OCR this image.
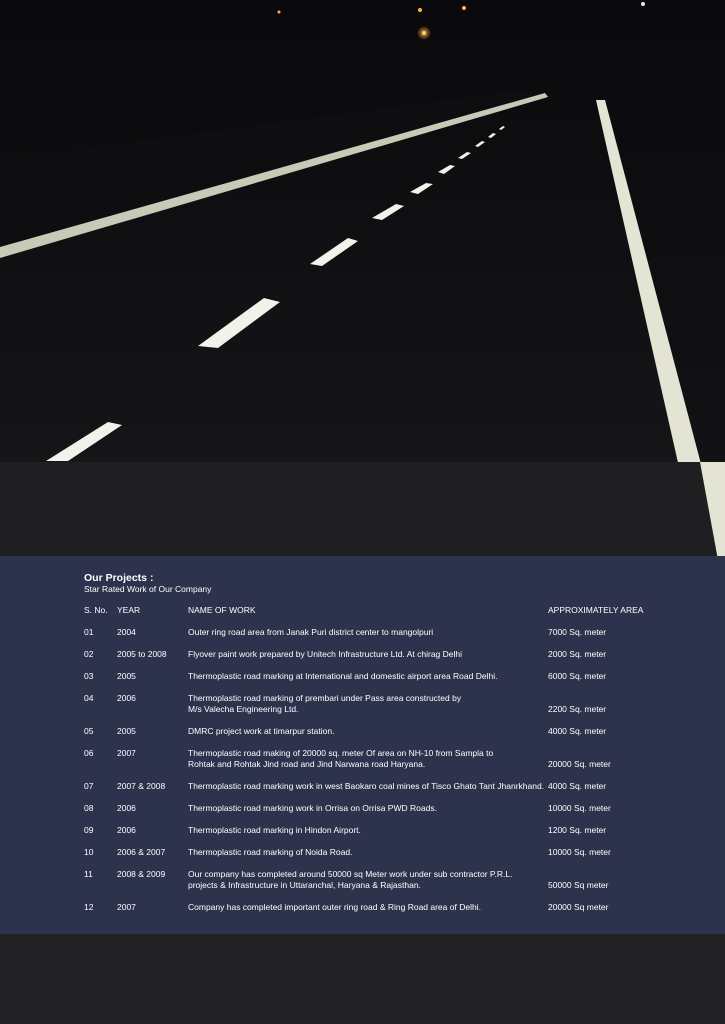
Our Projects :

Star Rated Work of Our Company

S. No.	YEAR	NAME OF WORK	APPROXIMATELY AREA
01	2004	Outer ring road area from Janak Puri district center to mangolpuri	7000 Sq. meter
02	2005 to 2008	Flyover paint work prepared by Unitech Infrastructure Ltd. At chirag Delhi	2000 Sq. meter
03	2005	Thermoplastic road marking at International and domestic airport area Road Delhi.	6000 Sq. meter
04	2006	Thermoplastic road marking of prembari under Pass area constructed by
M/s Valecha Engineering Ltd.	2200 Sq. meter
05	2005	DMRC project work at timarpur station.	4000 Sq. meter
06	2007	Thermoplastic road making of 20000 sq. meter Of area on NH-10 from Sampla to
Rohtak and Rohtak Jind road and Jind Narwana road Haryana.	20000 Sq. meter
07	2007 & 2008	Thermoplastic road marking work in west Baokaro coal mines of Tisco Ghato Tant Jhanrkhand.	4000 Sq. meter
08	2006	Thermoplastic road marking work in Orrisa on Orrisa PWD Roads.	10000 Sq. meter
09	2006	Thermoplastic road marking in Hindon Airport.	1200 Sq. meter
10	2006 & 2007	Thermoplastic road marking of Noida Road.	10000 Sq. meter
11	2008 & 2009	Our company has completed around 50000 sq Meter work under sub contractor P.R.L.
projects & Infrastructure in Uttaranchal, Haryana & Rajasthan.	50000 Sq meter
12	2007	Company has completed important outer ring road & Ring Road area of Delhi.	20000 Sq meter
